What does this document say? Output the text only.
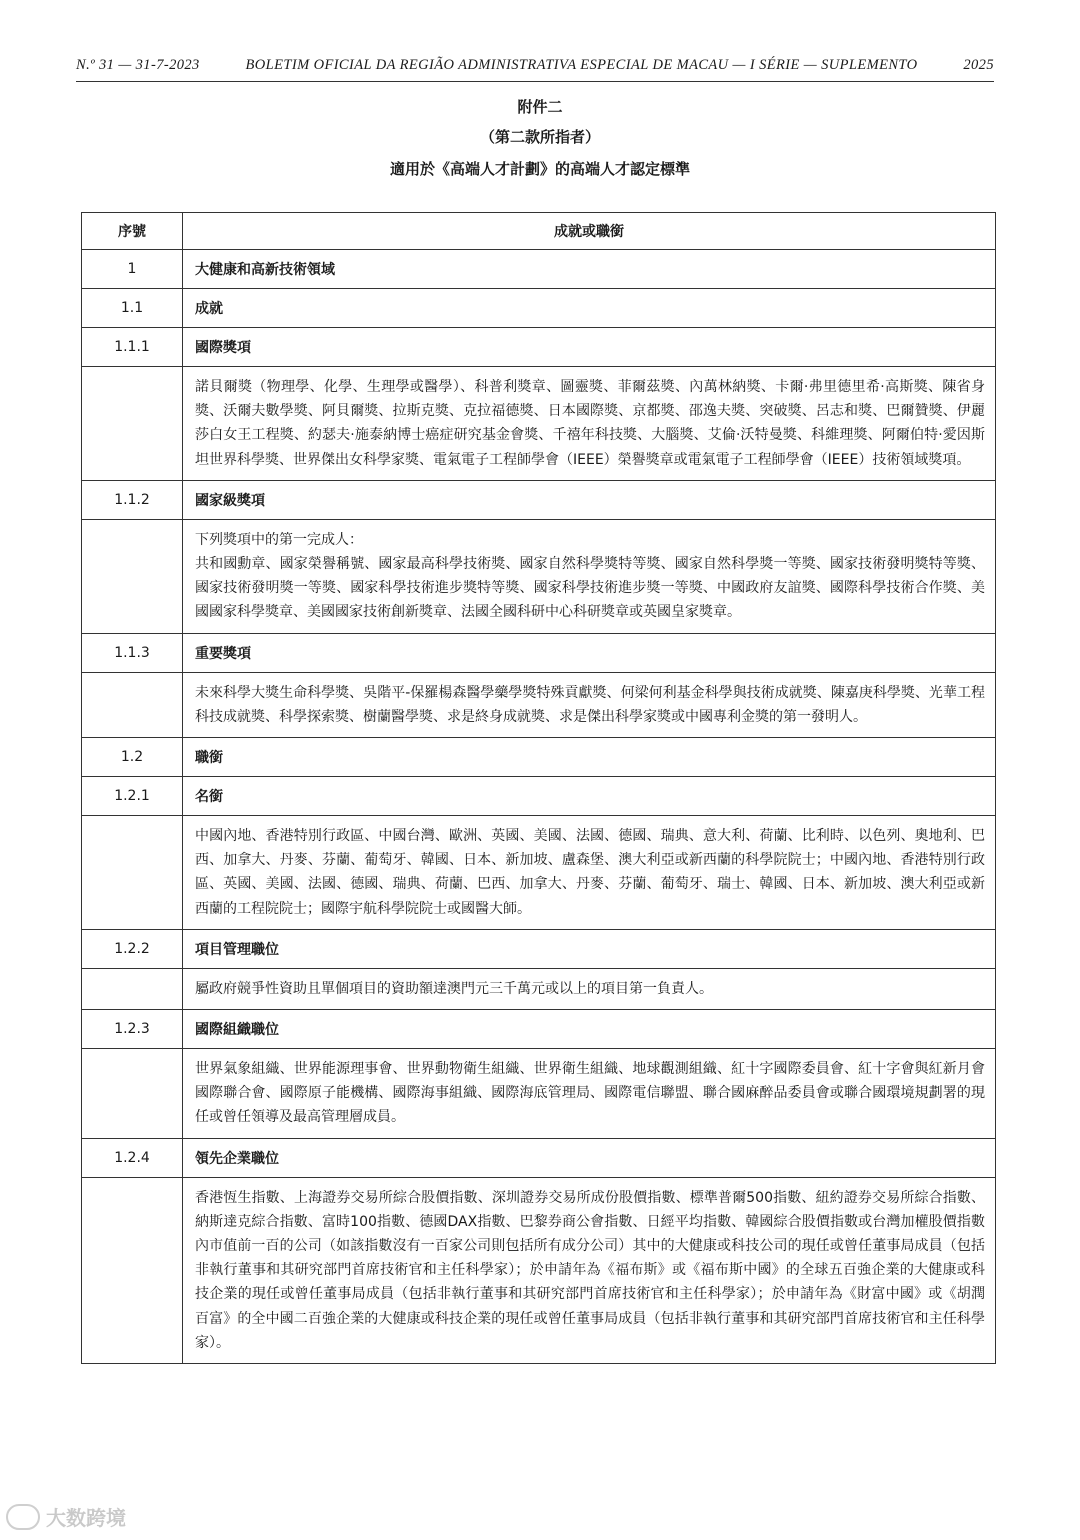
N.º 31 — 31-7-2023	BOLETIM OFICIAL DA REGIÃO ADMINISTRATIVA ESPECIAL DE MACAU — I SÉRIE — SUPLEMENTO	2025
附件二
（第二款所指者）
適用於《高端人才計劃》的高端人才認定標準
序號	成就或職銜
1	大健康和高新技術領域
1.1	成就
1.1.1	國際獎項

	諾貝爾獎（物理學、化學、生理學或醫學）、科普利獎章、圖靈獎、菲爾茲獎、內萬林納獎、卡爾·弗里德里希·高斯獎、陳省身獎、沃爾夫數學獎、阿貝爾獎、拉斯克獎、克拉福德獎、日本國際獎、京都獎、邵逸夫獎、突破獎、呂志和獎、巴爾贊獎、伊麗莎白女王工程獎、約瑟夫·施泰納博士癌症研究基金會獎、千禧年科技獎、大腦獎、艾倫·沃特曼獎、科維理獎、阿爾伯特·愛因斯坦世界科學獎、世界傑出女科學家獎、電氣電子工程師學會（IEEE）榮譽獎章或電氣電子工程師學會（IEEE）技術領域獎項。

1.1.2	國家級獎項

	下列獎項中的第一完成人：
共和國勳章、國家榮譽稱號、國家最高科學技術獎、國家自然科學獎特等獎、國家自然科學獎一等獎、國家技術發明獎特等獎、國家技術發明獎一等獎、國家科學技術進步獎特等獎、國家科學技術進步獎一等獎、中國政府友誼獎、國際科學技術合作獎、美國國家科學獎章、美國國家技術創新獎章、法國全國科研中心科研獎章或英國皇家獎章。

1.1.3	重要獎項

	未來科學大獎生命科學獎、吳階平-保羅楊森醫學藥學獎特殊貢獻獎、何梁何利基金科學與技術成就獎、陳嘉庚科學獎、光華工程科技成就獎、科學探索獎、樹蘭醫學獎、求是終身成就獎、求是傑出科學家獎或中國專利金獎的第一發明人。

1.2	職銜
1.2.1	名銜

	中國內地、香港特別行政區、中國台灣、歐洲、英國、美國、法國、德國、瑞典、意大利、荷蘭、比利時、以色列、奧地利、巴西、加拿大、丹麥、芬蘭、葡萄牙、韓國、日本、新加坡、盧森堡、澳大利亞或新西蘭的科學院院士；中國內地、香港特別行政區、英國、美國、法國、德國、瑞典、荷蘭、巴西、加拿大、丹麥、芬蘭、葡萄牙、瑞士、韓國、日本、新加坡、澳大利亞或新西蘭的工程院院士；國際宇航科學院院士或國醫大師。

1.2.2	項目管理職位

	屬政府競爭性資助且單個項目的資助額達澳門元三千萬元或以上的項目第一負責人。

1.2.3	國際組織職位

	世界氣象組織、世界能源理事會、世界動物衛生組織、世界衛生組織、地球觀測組織、紅十字國際委員會、紅十字會與紅新月會國際聯合會、國際原子能機構、國際海事組織、國際海底管理局、國際電信聯盟、聯合國麻醉品委員會或聯合國環境規劃署的現任或曾任領導及最高管理層成員。

1.2.4	領先企業職位

	香港恆生指數、上海證券交易所綜合股價指數、深圳證券交易所成份股價指數、標準普爾500指數、紐約證券交易所綜合指數、納斯達克綜合指數、富時100指數、德國DAX指數、巴黎券商公會指數、日經平均指數、韓國綜合股價指數或台灣加權股價指數內市值前一百的公司（如該指數沒有一百家公司則包括所有成分公司）其中的大健康或科技公司的現任或曾任董事局成員（包括非執行董事和其研究部門首席技術官和主任科學家）；於申請年為《福布斯》或《福布斯中國》的全球五百強企業的大健康或科技企業的現任或曾任董事局成員（包括非執行董事和其研究部門首席技術官和主任科學家）；於申請年為《財富中國》或《胡潤百富》的全中國二百強企業的大健康或科技企業的現任或曾任董事局成員（包括非執行董事和其研究部門首席技術官和主任科學家）。
大数跨境
